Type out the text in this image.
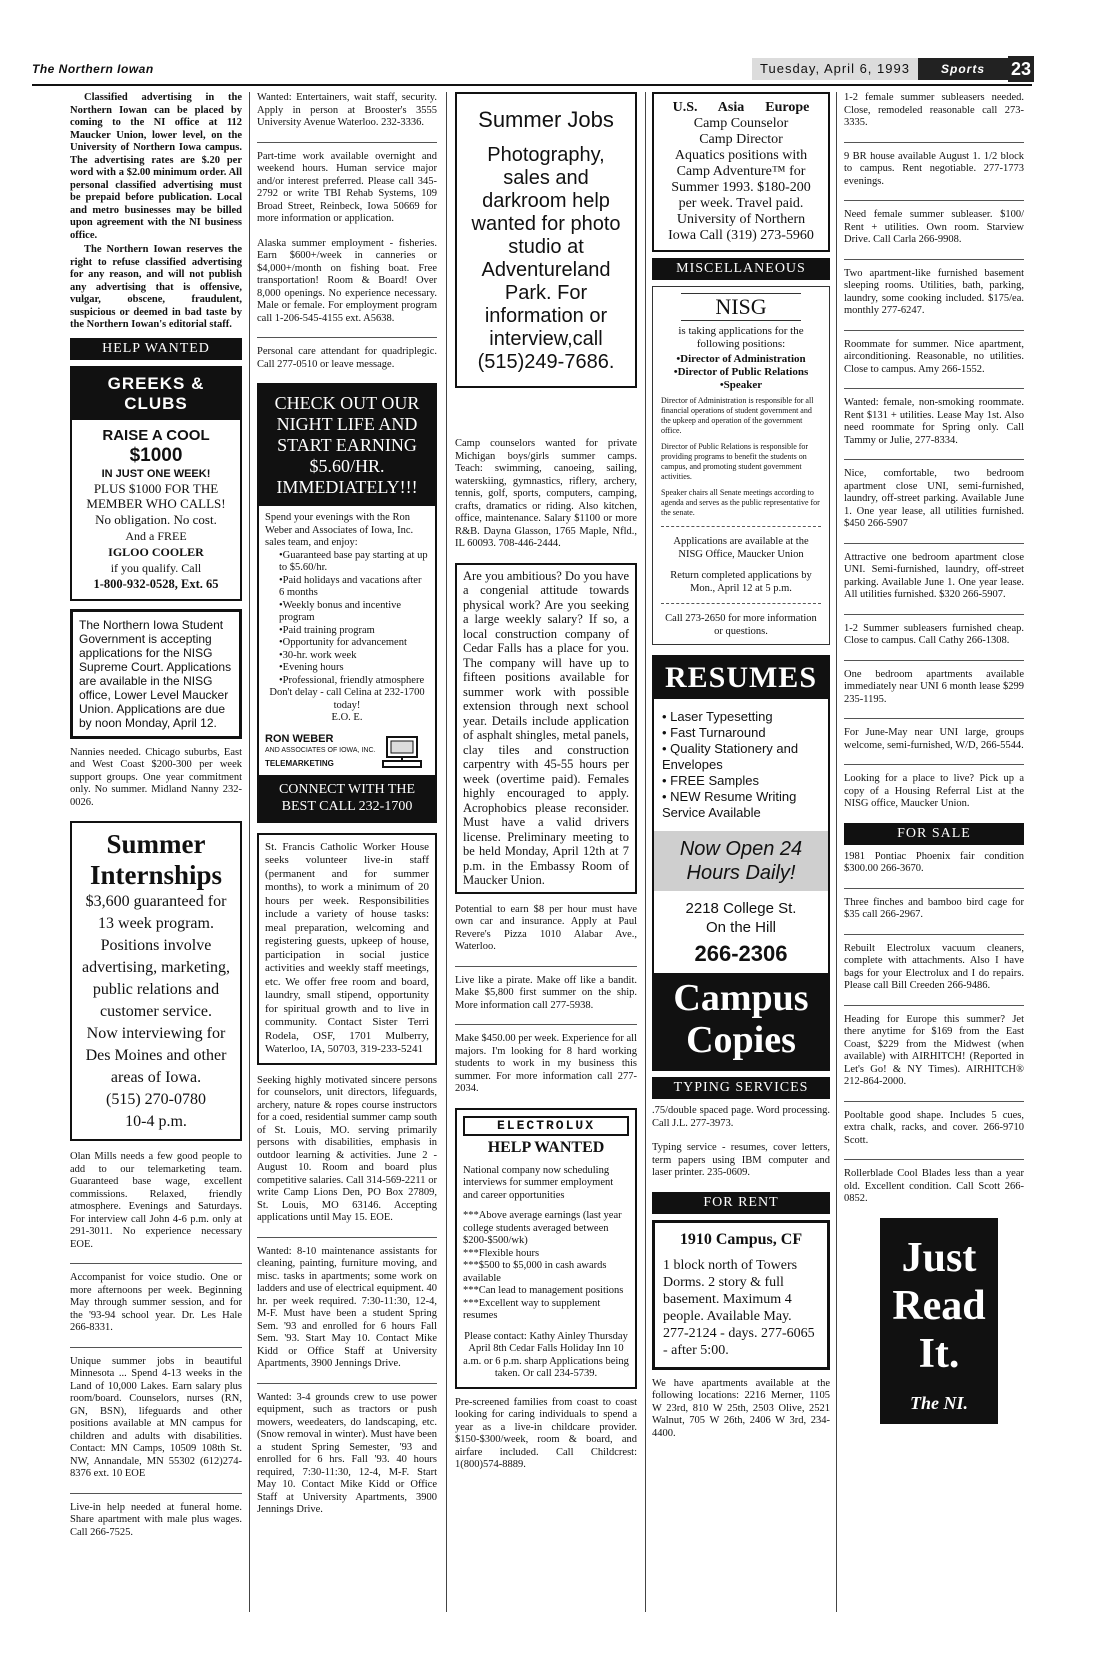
The Northern Iowan	Tuesday, April 6, 1993	Sports	23

Classified advertising in the Northern Iowan can be placed by coming to the NI office at 112 Maucker Union, lower level, on the University of Northern Iowa campus. The advertising rates are $.20 per word with a $2.00 minimum order. All personal classified advertising must be prepaid before publication. Local and metro businesses may be billed upon agreement with the NI business office.

The Northern Iowan reserves the right to refuse classified advertising for any reason, and will not publish any advertising that is offensive, vulgar, obscene, fraudulent, suspicious or deemed in bad taste by the Northern Iowan's editorial staff.

HELP WANTED
GREEKS & CLUBS
RAISE A COOL
$1000
IN JUST ONE WEEK!
PLUS $1000 FOR THE MEMBER WHO CALLS!
No obligation. No cost.
And a FREE
IGLOO COOLER
if you qualify. Call
1-800-932-0528, Ext. 65
The Northern Iowa Student Government is accepting applications for the NISG Supreme Court. Applications are available in the NISG office, Lower Level Maucker Union. Applications are due by noon Monday, April 12.

Nannies needed. Chicago suburbs, East and West Coast $200-300 per week support groups. One year commitment only. No summer. Midland Nanny 232-0026.

Summer Internships
$3,600 guaranteed for 13 week program.
Positions involve advertising, marketing, public relations and customer service.
Now interviewing for Des Moines and other areas of Iowa.
(515) 270-0780
10-4 p.m.

Olan Mills needs a few good people to add to our telemarketing team. Guaranteed base wage, excellent commissions. Relaxed, friendly atmosphere. Evenings and Saturdays. For interview call John 4-6 p.m. only at 291-3011. No experience necessary EOE.

Accompanist for voice studio. One or more afternoons per week. Beginning May through summer session, and for the '93-94 school year. Dr. Les Hale 266-8331.

Unique summer jobs in beautiful Minnesota ... Spend 4-13 weeks in the Land of 10,000 Lakes. Earn salary plus room/board. Counselors, nurses (RN, GN, BSN), lifeguards and other positions available at MN campus for children and adults with disabilities. Contact: MN Camps, 10509 108th St. NW, Annandale, MN 55302 (612)274-8376 ext. 10 EOE

Live-in help needed at funeral home. Share apartment with male plus wages. Call 266-7525.

Wanted: Entertainers, wait staff, security. Apply in person at Brooster's 3555 University Avenue Waterloo. 232-3336.

Part-time work available overnight and weekend hours. Human service major and/or interest preferred. Please call 345-2792 or write TBI Rehab Systems, 109 Broad Street, Reinbeck, Iowa 50669 for more information or application.

Alaska summer employment - fisheries. Earn $600+/week in canneries or $4,000+/month on fishing boat. Free transportation! Room & Board! Over 8,000 openings. No experience necessary. Male or female. For employment program call 1-206-545-4155 ext. A5638.

Personal care attendant for quadriplegic. Call 277-0510 or leave message.

CHECK OUT OUR NIGHT LIFE AND START EARNING $5.60/HR. IMMEDIATELY!!!
Spend your evenings with the Ron Weber and Associates of Iowa, Inc. sales team, and enjoy:
•Guaranteed base pay starting at up to $5.60/hr.
•Paid holidays and vacations after 6 months
•Weekly bonus and incentive program
•Paid training program
•Opportunity for advancement
•30-hr. work week
•Evening hours
•Professional, friendly atmosphere
Don't delay - call Celina at 232-1700 today!
E.O. E.
RON WEBER
AND ASSOCIATES OF IOWA, INC.
TELEMARKETING
CONNECT WITH THE BEST CALL 232-1700
St. Francis Catholic Worker House seeks volunteer live-in staff (permanent and for summer months), to work a minimum of 20 hours per week. Responsibilities include a variety of house tasks: meal preparation, welcoming and registering guests, upkeep of house, participation in social justice activities and weekly staff meetings, etc. We offer free room and board, laundry, small stipend, opportunity for spiritual growth and to live in community. Contact Sister Terri Rodela, OSF, 1701 Mulberry, Waterloo, IA, 50703, 319-233-5241

Seeking highly motivated sincere persons for counselors, unit directors, lifeguards, archery, nature & ropes course instructors for a coed, residential summer camp south of St. Louis, MO. serving primarily persons with disabilities, emphasis in outdoor learning & activities. June 2 - August 10. Room and board plus competitive salaries. Call 314-569-2211 or write Camp Lions Den, PO Box 27809, St. Louis, MO 63146. Accepting applications until May 15. EOE.

Wanted: 8-10 maintenance assistants for cleaning, painting, furniture moving, and misc. tasks in apartments; some work on ladders and use of electrical equipment. 40 hr. per week required. 7:30-11:30, 12-4, M-F. Must have been a student Spring Sem. '93 and enrolled for 6 hours Fall Sem. '93. Start May 10. Contact Mike Kidd or Office Staff at University Apartments, 3900 Jennings Drive.

Wanted: 3-4 grounds crew to use power equipment, such as tractors or push mowers, weedeaters, do landscaping, etc. (Snow removal in winter). Must have been a student Spring Semester, '93 and enrolled for 6 hrs. Fall '93. 40 hours required, 7:30-11:30, 12-4, M-F. Start May 10. Contact Mike Kidd or Office Staff at University Apartments, 3900 Jennings Drive.

Summer Jobs
Photography, sales and darkroom help wanted for photo studio at Adventureland Park. For information or interview,call (515)249-7686.

Camp counselors wanted for private Michigan boys/girls summer camps. Teach: swimming, canoeing, sailing, waterskiing, gymnastics, riflery, archery, tennis, golf, sports, computers, camping, crafts, dramatics or riding. Also kitchen, office, maintenance. Salary $1100 or more R&B. Dayna Glasson, 1765 Maple, Nfld., IL 60093. 708-446-2444.

Are you ambitious? Do you have a congenial attitude towards physical work? Are you seeking a large weekly salary? If so, a local construction company of Cedar Falls has a place for you. The company will have up to fifteen positions available for summer work with possible extension through next school year. Details include application of asphalt shingles, metal panels, clay tiles and construction carpentry with 45-55 hours per week (overtime paid). Females highly encouraged to apply. Acrophobics please reconsider. Must have a valid drivers license. Preliminary meeting to be held Monday, April 12th at 7 p.m. in the Embassy Room of Maucker Union.

Potential to earn $8 per hour must have own car and insurance. Apply at Paul Revere's Pizza 1010 Alabar Ave., Waterloo.

Live like a pirate. Make off like a bandit. Make $5,800 first summer on the ship. More information call 277-5938.

Make $450.00 per week. Experience for all majors. I'm looking for 8 hard working students to work in my business this summer. For more information call 277-2034.

ELECTROLUX
HELP WANTED
National company now scheduling interviews for summer employment and career opportunities
***Above average earnings (last year college students averaged between $200-$500/wk)
***Flexible hours
***$500 to $5,000 in cash awards available
***Can lead to management positions
***Excellent way to supplement resumes
Please contact: Kathy Ainley Thursday April 8th Cedar Falls Holiday Inn 10 a.m. or 6 p.m. sharp Applications being taken. Or call 234-5739.

Pre-screened families from coast to coast looking for caring individuals to spend a year as a live-in childcare provider. $150-$300/week, room & board, and airfare included. Call Childcrest: 1(800)574-8889.

U.S.      Asia      Europe
Camp Counselor
Camp Director
Aquatics positions with Camp Adventure™ for Summer 1993. $180-200 per week. Travel paid. University of Northern Iowa Call (319) 273-5960
MISCELLANEOUS
NISG
is taking applications for the following positions:
•Director of Administration
•Director of Public Relations
•Speaker
Director of Administration is responsible for all financial operations of student government and the upkeep and operation of the government office.
Director of Public Relations is responsible for providing programs to benefit the students on campus, and promoting student government activities.
Speaker chairs all Senate meetings according to agenda and serves as the public representative for the senate.
Applications are available at the NISG Office, Maucker Union
Return completed applications by Mon., April 12 at 5 p.m.
Call 273-2650 for more information or questions.
RESUMES
• Laser Typesetting
• Fast Turnaround
• Quality Stationery and Envelopes
• FREE Samples
• NEW Resume Writing Service Available
Now Open 24 Hours Daily!
2218 College St.
On the Hill
266-2306
Campus Copies
TYPING SERVICES

.75/double spaced page. Word processing. Call J.L. 277-3973.

Typing service - resumes, cover letters, term papers using IBM computer and laser printer. 235-0609.

FOR RENT
1910 Campus, CF
1 block north of Towers Dorms. 2 story & full basement. Maximum 4 people. Available May. 277-2124 - days. 277-6065 - after 5:00.

We have apartments available at the following locations: 2216 Merner, 1105 W 23rd, 810 W 25th, 2503 Olive, 2521 Walnut, 705 W 26th, 2406 W 3rd, 234-4400.

1-2 female summer subleasers needed. Close, remodeled reasonable call 273-3335.

9 BR house available August 1. 1/2 block to campus. Rent negotiable. 277-1773 evenings.

Need female summer subleaser. $100/ Rent + utilities. Own room. Starview Drive. Call Carla 266-9908.

Two apartment-like furnished basement sleeping rooms. Utilities, bath, parking, laundry, some cooking included. $175/ea. monthly 277-6247.

Roommate for summer. Nice apartment, airconditioning. Reasonable, no utilities. Close to campus. Amy 266-1552.

Wanted: female, non-smoking roommate. Rent $131 + utilities. Lease May 1st. Also need roommate for Spring only. Call Tammy or Julie, 277-8334.

Nice, comfortable, two bedroom apartment close UNI, semi-furnished, laundry, off-street parking. Available June 1. One year lease, all utilities furnished. $450 266-5907

Attractive one bedroom apartment close UNI. Semi-furnished, laundry, off-street parking. Available June 1. One year lease. All utilities furnished. $320 266-5907.

1-2 Summer subleasers furnished cheap. Close to campus. Call Cathy 266-1308.

One bedroom apartments available immediately near UNI 6 month lease $299 235-1195.

For June-May near UNI large, groups welcome, semi-furnished, W/D, 266-5544.

Looking for a place to live? Pick up a copy of a Housing Referral List at the NISG office, Maucker Union.

FOR SALE

1981 Pontiac Phoenix fair condition $300.00 266-3670.

Three finches and bamboo bird cage for $35 call 266-2967.

Rebuilt Electrolux vacuum cleaners, complete with attachments. Also I have bags for your Electrolux and I do repairs. Please call Bill Creeden 266-9486.

Heading for Europe this summer? Jet there anytime for $169 from the East Coast, $229 from the Midwest (when available) with AIRHITCH! (Reported in Let's Go! & NY Times). AIRHITCH® 212-864-2000.

Pooltable good shape. Includes 5 cues, extra chalk, racks, and cover. 266-9710 Scott.

Rollerblade Cool Blades less than a year old. Excellent condition. Call Scott 266-0852.

Just
Read
It.
The NI.
